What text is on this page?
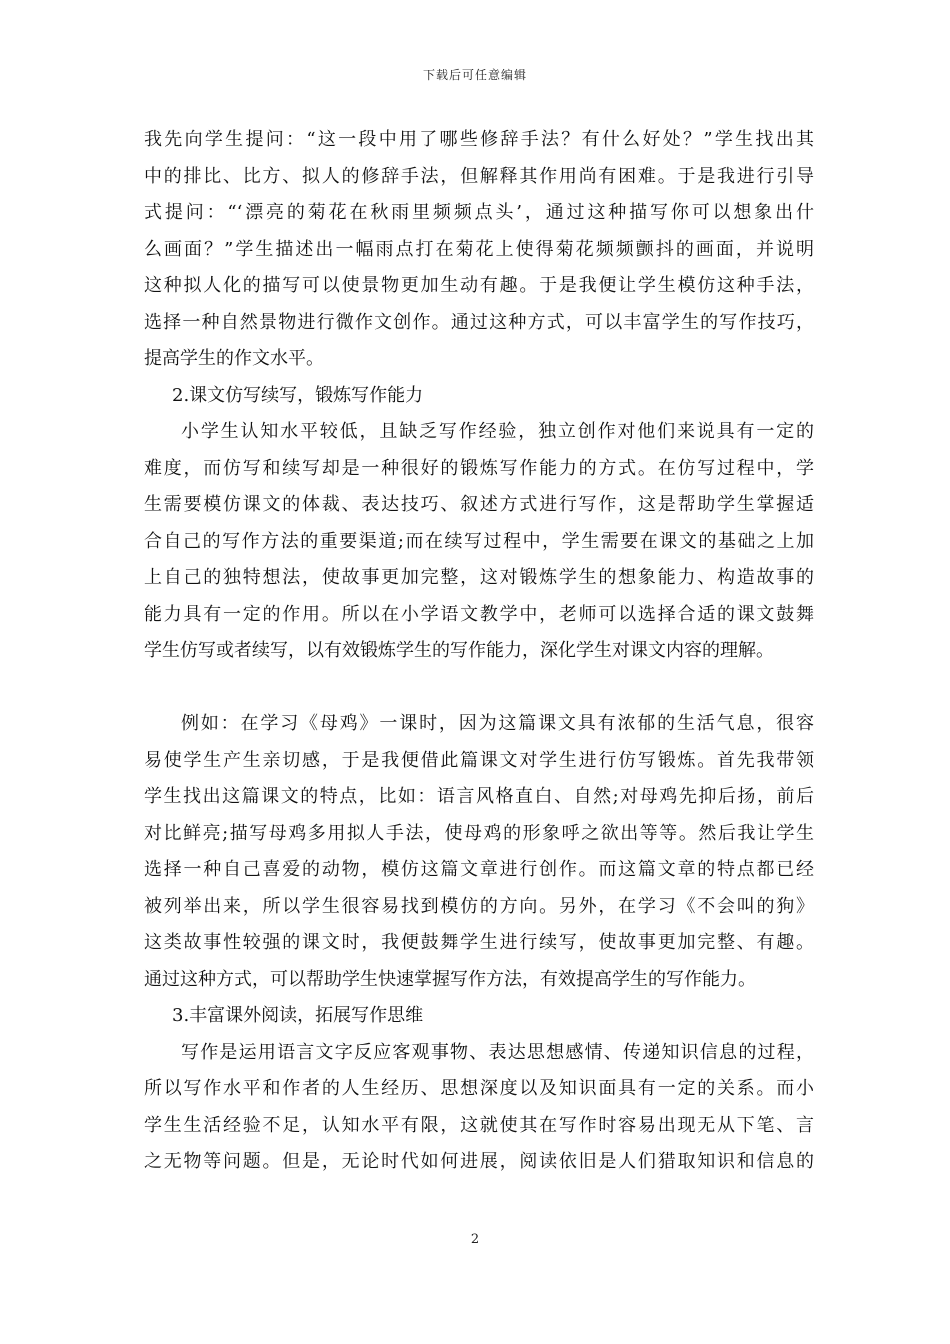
下载后可任意编辑
我先向学生提问：“这一段中用了哪些修辞手法？有什么好处？”学生找出其
中的排比、比方、拟人的修辞手法，但解释其作用尚有困难。于是我进行引导
式提问：“‘漂亮的菊花在秋雨里频频点头’，通过这种描写你可以想象出什
么画面？”学生描述出一幅雨点打在菊花上使得菊花频频颤抖的画面，并说明
这种拟人化的描写可以使景物更加生动有趣。于是我便让学生模仿这种手法，
选择一种自然景物进行微作文创作。通过这种方式，可以丰富学生的写作技巧，
提高学生的作文水平。
2.课文仿写续写，锻炼写作能力
小学生认知水平较低，且缺乏写作经验，独立创作对他们来说具有一定的
难度，而仿写和续写却是一种很好的锻炼写作能力的方式。在仿写过程中，学
生需要模仿课文的体裁、表达技巧、叙述方式进行写作，这是帮助学生掌握适
合自己的写作方法的重要渠道;而在续写过程中，学生需要在课文的基础之上加
上自己的独特想法，使故事更加完整，这对锻炼学生的想象能力、构造故事的
能力具有一定的作用。所以在小学语文教学中，老师可以选择合适的课文鼓舞
学生仿写或者续写，以有效锻炼学生的写作能力，深化学生对课文内容的理解。
例如：在学习《母鸡》一课时，因为这篇课文具有浓郁的生活气息，很容
易使学生产生亲切感，于是我便借此篇课文对学生进行仿写锻炼。首先我带领
学生找出这篇课文的特点，比如：语言风格直白、自然;对母鸡先抑后扬，前后
对比鲜亮;描写母鸡多用拟人手法，使母鸡的形象呼之欲出等等。然后我让学生
选择一种自己喜爱的动物，模仿这篇文章进行创作。而这篇文章的特点都已经
被列举出来，所以学生很容易找到模仿的方向。另外，在学习《不会叫的狗》
这类故事性较强的课文时，我便鼓舞学生进行续写，使故事更加完整、有趣。
通过这种方式，可以帮助学生快速掌握写作方法，有效提高学生的写作能力。
3.丰富课外阅读，拓展写作思维
写作是运用语言文字反应客观事物、表达思想感情、传递知识信息的过程，
所以写作水平和作者的人生经历、思想深度以及知识面具有一定的关系。而小
学生生活经验不足，认知水平有限，这就使其在写作时容易出现无从下笔、言
之无物等问题。但是，无论时代如何进展，阅读依旧是人们猎取知识和信息的
2
